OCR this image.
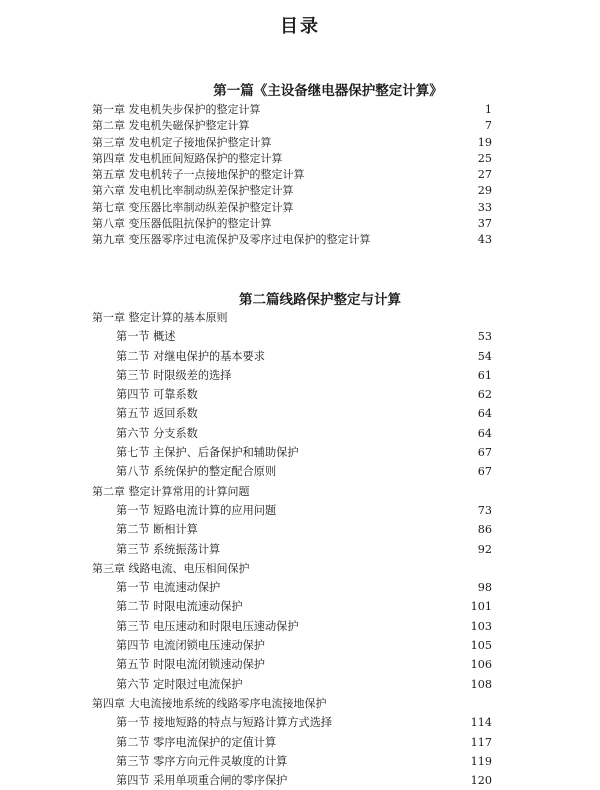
目录
第一篇《主设备继电器保护整定计算》
第一章 发电机失步保护的整定计算	1
第二章 发电机失磁保护整定计算	7
第三章 发电机定子接地保护整定计算	19
第四章 发电机匝间短路保护的整定计算	25
第五章 发电机转子一点接地保护的整定计算	27
第六章 发电机比率制动纵差保护整定计算	29
第七章 变压器比率制动纵差保护整定计算	33
第八章 变压器低阻抗保护的整定计算	37
第九章 变压器零序过电流保护及零序过电保护的整定计算	43
第二篇线路保护整定与计算
第一章 整定计算的基本原则
第一节 概述	53
第二节 对继电保护的基本要求	54
第三节 时限级差的选择	61
第四节 可靠系数	62
第五节 返回系数	64
第六节 分支系数	64
第七节 主保护、后备保护和辅助保护	67
第八节 系统保护的整定配合原则	67
第二章 整定计算常用的计算问题
第一节 短路电流计算的应用问题	73
第二节 断相计算	86
第三节 系统振荡计算	92
第三章 线路电流、电压相间保护
第一节 电流速动保护	98
第二节 时限电流速动保护	101
第三节 电压速动和时限电压速动保护	103
第四节 电流闭锁电压速动保护	105
第五节 时限电流闭锁速动保护	106
第六节 定时限过电流保护	108
第四章 大电流接地系统的线路零序电流接地保护
第一节 接地短路的特点与短路计算方式选择	114
第二节 零序电流保护的定值计算	117
第三节 零序方向元件灵敏度的计算	119
第四节 采用单项重合闸的零序保护	120
